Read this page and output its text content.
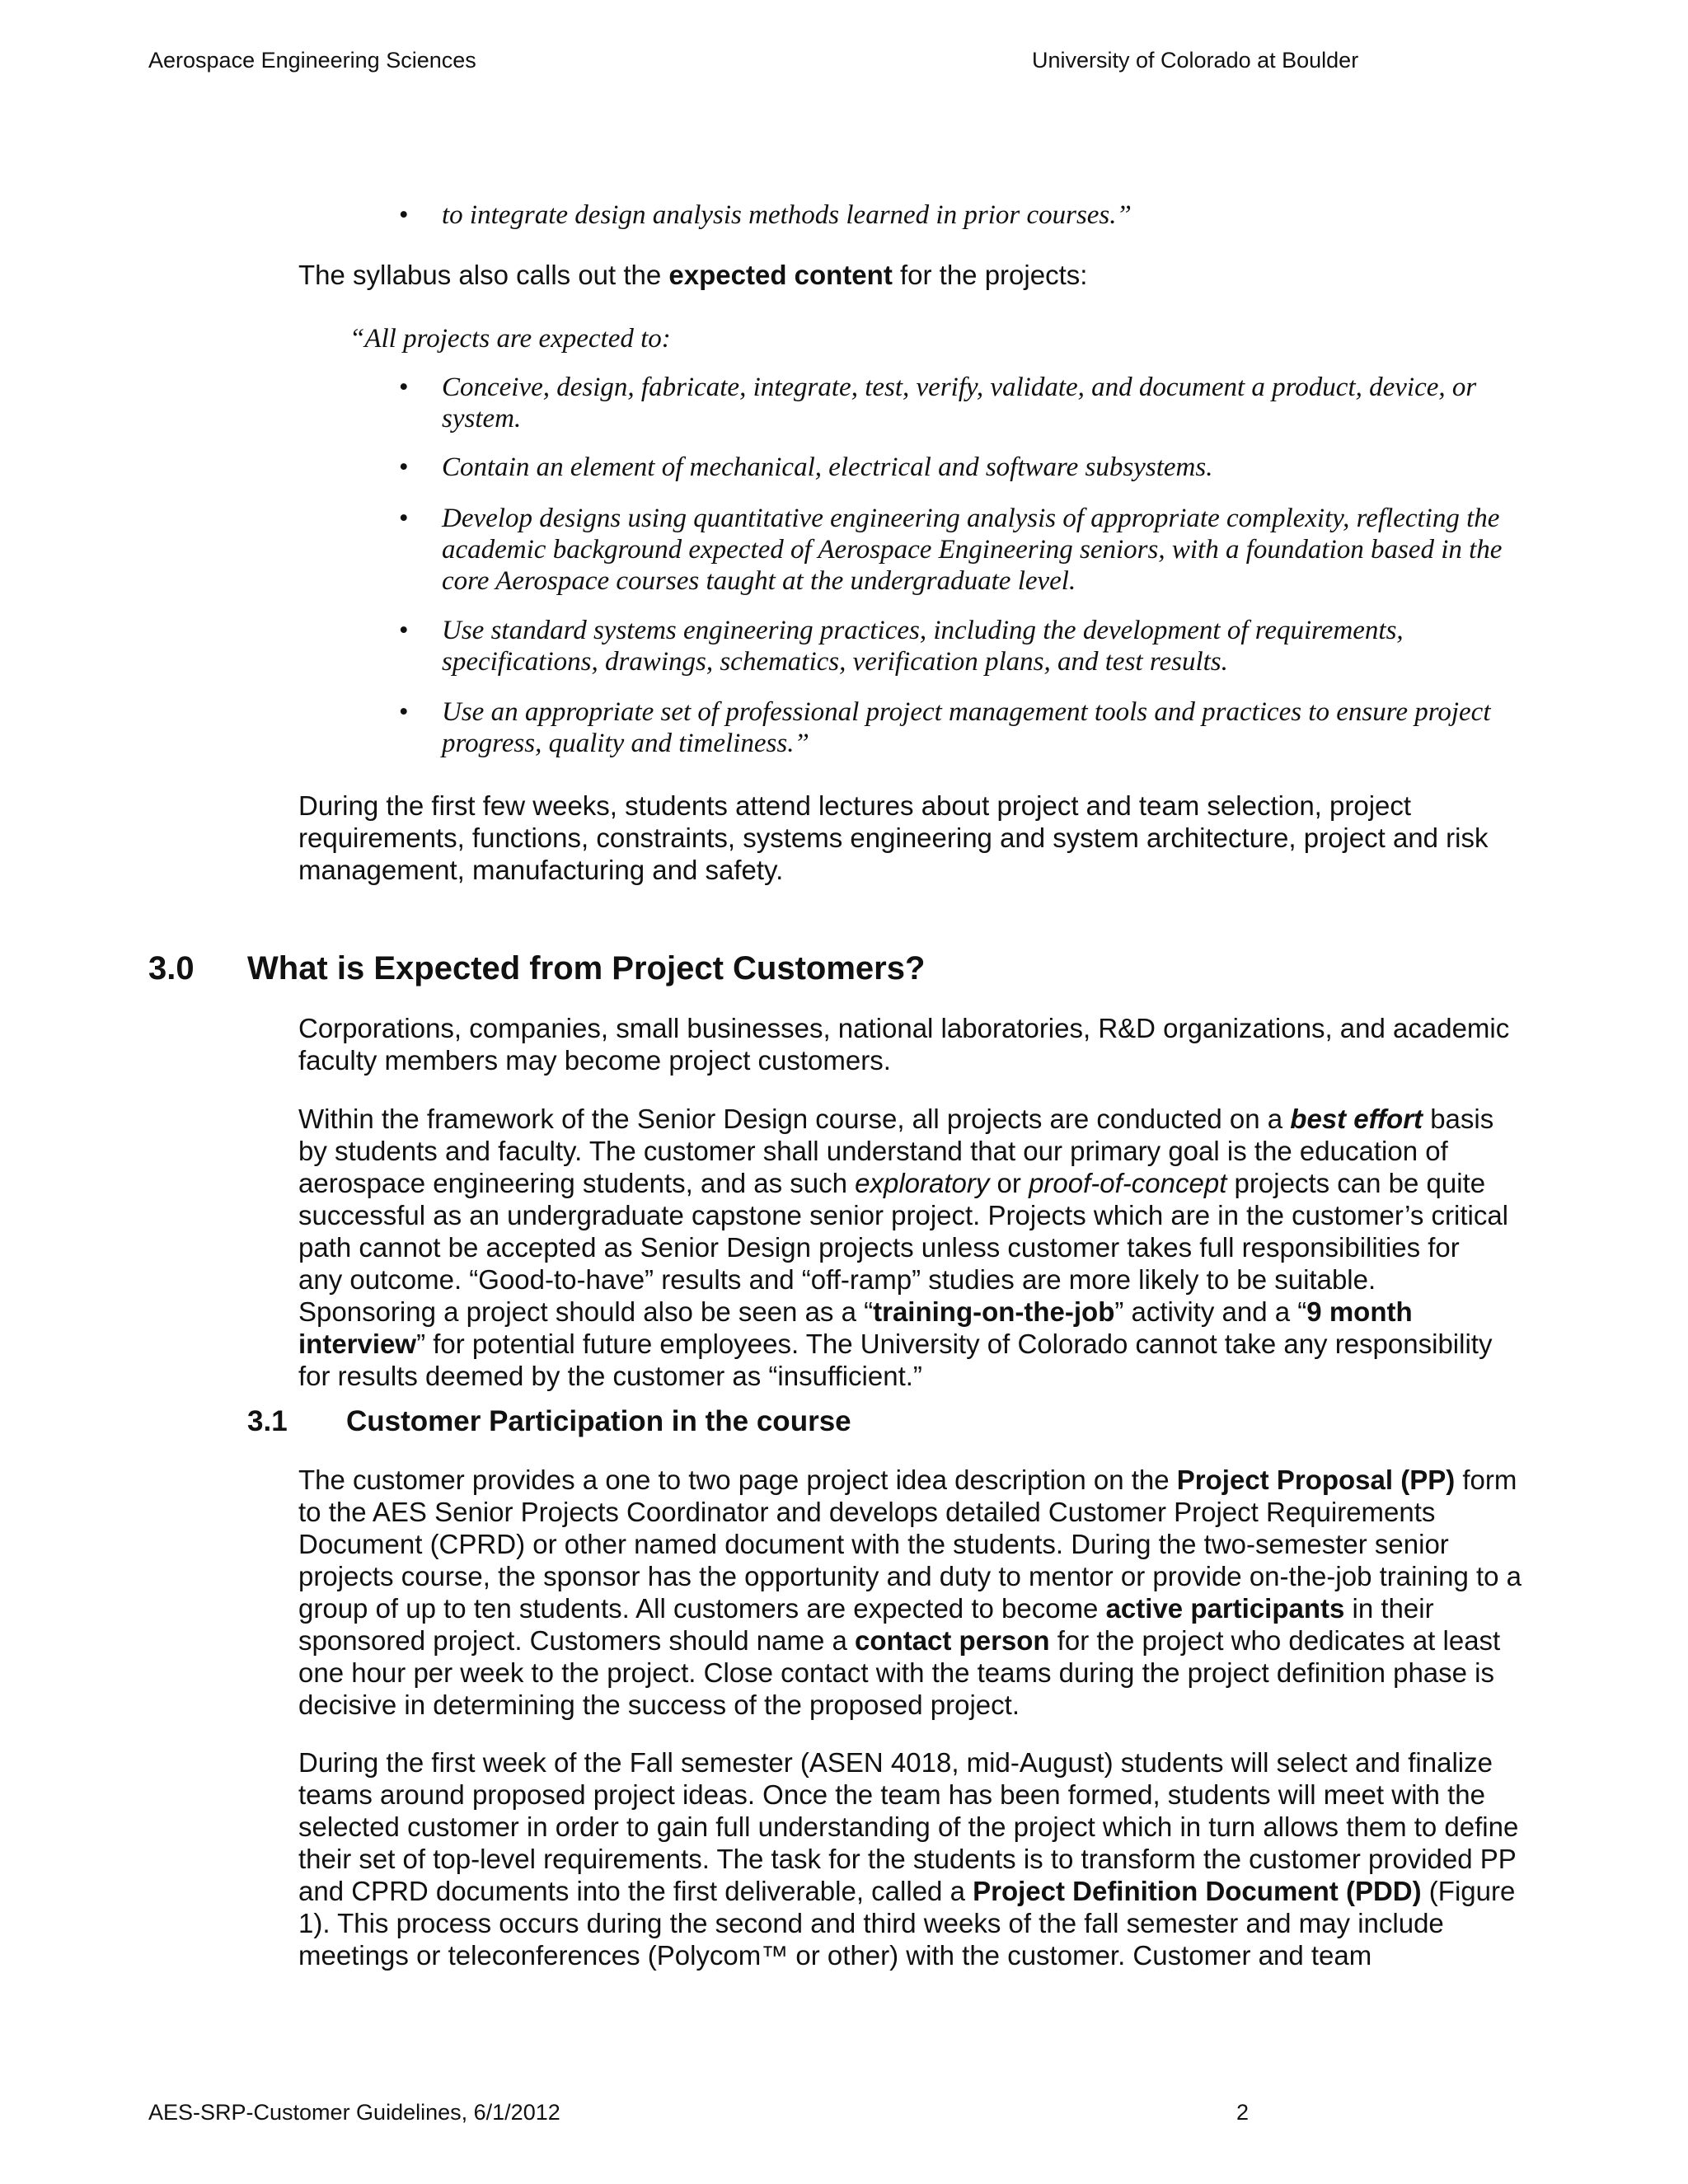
Aerospace Engineering Sciences	University of Colorado at Boulder
• to integrate design analysis methods learned in prior courses.”

The syllabus also calls out the expected content for the projects:

“All projects are expected to:
• Conceive, design, fabricate, integrate, test, verify, validate, and document a product, device, or system.
• Contain an element of mechanical, electrical and software subsystems.
• Develop designs using quantitative engineering analysis of appropriate complexity, reflecting the academic background expected of Aerospace Engineering seniors, with a foundation based in the core Aerospace courses taught at the undergraduate level.
• Use standard systems engineering practices, including the development of requirements, specifications, drawings, schematics, verification plans, and test results.
• Use an appropriate set of professional project management tools and practices to ensure project progress, quality and timeliness.”
During the first few weeks, students attend lectures about project and team selection, project requirements, functions, constraints, systems engineering and system architecture, project and risk management, manufacturing and safety.
3.0 What is Expected from Project Customers?
Corporations, companies, small businesses, national laboratories, R&D organizations, and academic faculty members may become project customers.

Within the framework of the Senior Design course, all projects are conducted on a best effort basis by students and faculty. The customer shall understand that our primary goal is the education of aerospace engineering students, and as such exploratory or proof-of-concept projects can be quite successful as an undergraduate capstone senior project. Projects which are in the customer’s critical path cannot be accepted as Senior Design projects unless customer takes full responsibilities for any outcome. “Good-to-have” results and “off-ramp” studies are more likely to be suitable. Sponsoring a project should also be seen as a “training-on-the-job” activity and a “9 month interview” for potential future employees. The University of Colorado cannot take any responsibility for results deemed by the customer as “insufficient.”

3.1 Customer Participation in the course

The customer provides a one to two page project idea description on the Project Proposal (PP) form to the AES Senior Projects Coordinator and develops detailed Customer Project Requirements Document (CPRD) or other named document with the students. During the two-semester senior projects course, the sponsor has the opportunity and duty to mentor or provide on-the-job training to a group of up to ten students. All customers are expected to become active participants in their sponsored project. Customers should name a contact person for the project who dedicates at least one hour per week to the project. Close contact with the teams during the project definition phase is decisive in determining the success of the proposed project.

During the first week of the Fall semester (ASEN 4018, mid-August) students will select and finalize teams around proposed project ideas. Once the team has been formed, students will meet with the selected customer in order to gain full understanding of the project which in turn allows them to define their set of top-level requirements. The task for the students is to transform the customer provided PP and CPRD documents into the first deliverable, called a Project Definition Document (PDD) (Figure 1). This process occurs during the second and third weeks of the fall semester and may include meetings or teleconferences (Polycom™ or other) with the customer. Customer and team

AES-SRP-Customer Guidelines, 6/1/2012	2
